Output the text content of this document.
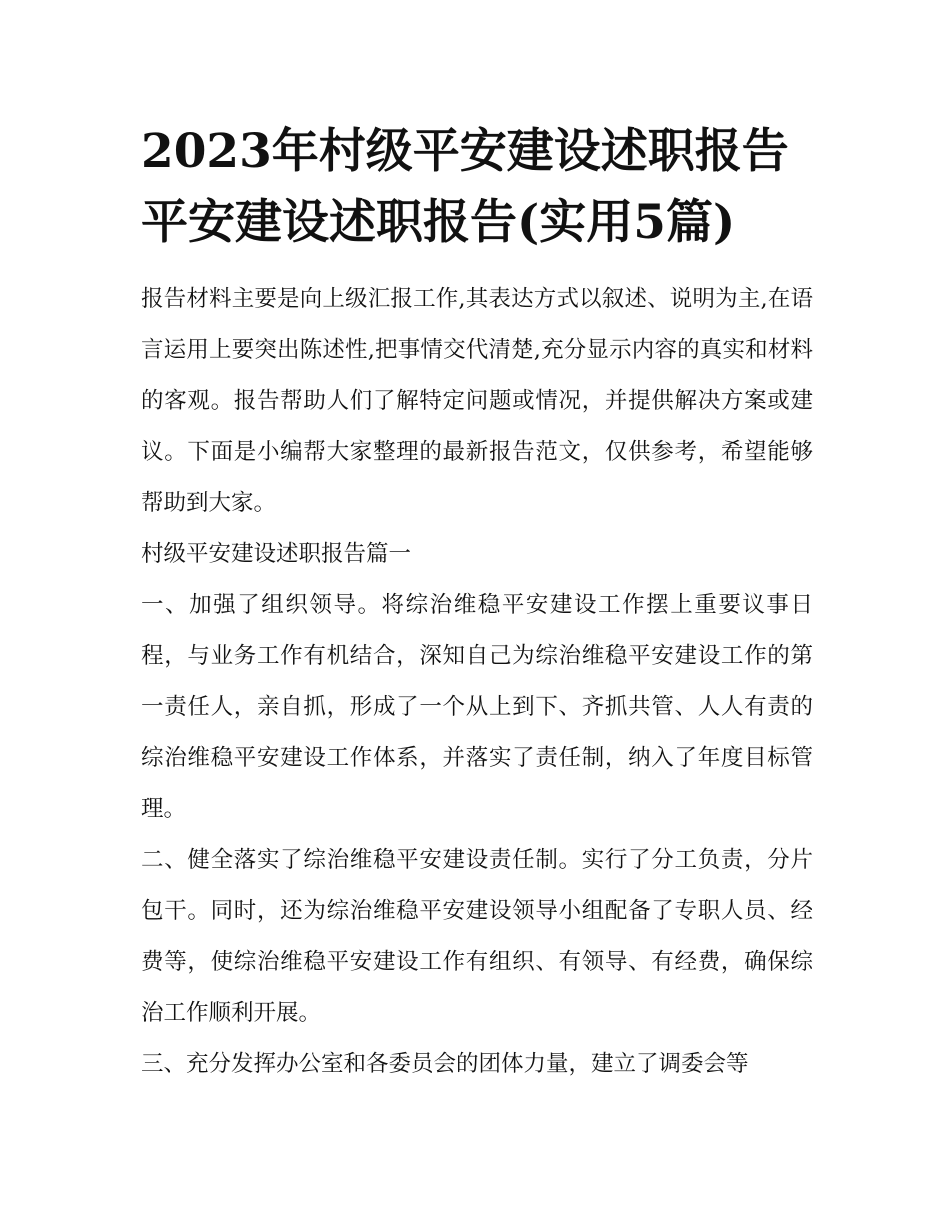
2023年村级平安建设述职报告
平安建设述职报告(实用5篇)

报告材料主要是向上级汇报工作,其表达方式以叙述、说明为主,在语言运用上要突出陈述性,把事情交代清楚,充分显示内容的真实和材料的客观。报告帮助人们了解特定问题或情况，并提供解决方案或建议。下面是小编帮大家整理的最新报告范文，仅供参考，希望能够帮助到大家。

村级平安建设述职报告篇一

一、加强了组织领导。将综治维稳平安建设工作摆上重要议事日程，与业务工作有机结合，深知自己为综治维稳平安建设工作的第一责任人，亲自抓，形成了一个从上到下、齐抓共管、人人有责的综治维稳平安建设工作体系，并落实了责任制，纳入了年度目标管理。

二、健全落实了综治维稳平安建设责任制。实行了分工负责，分片包干。同时，还为综治维稳平安建设领导小组配备了专职人员、经费等，使综治维稳平安建设工作有组织、有领导、有经费，确保综治工作顺利开展。

三、充分发挥办公室和各委员会的团体力量，建立了调委会等
